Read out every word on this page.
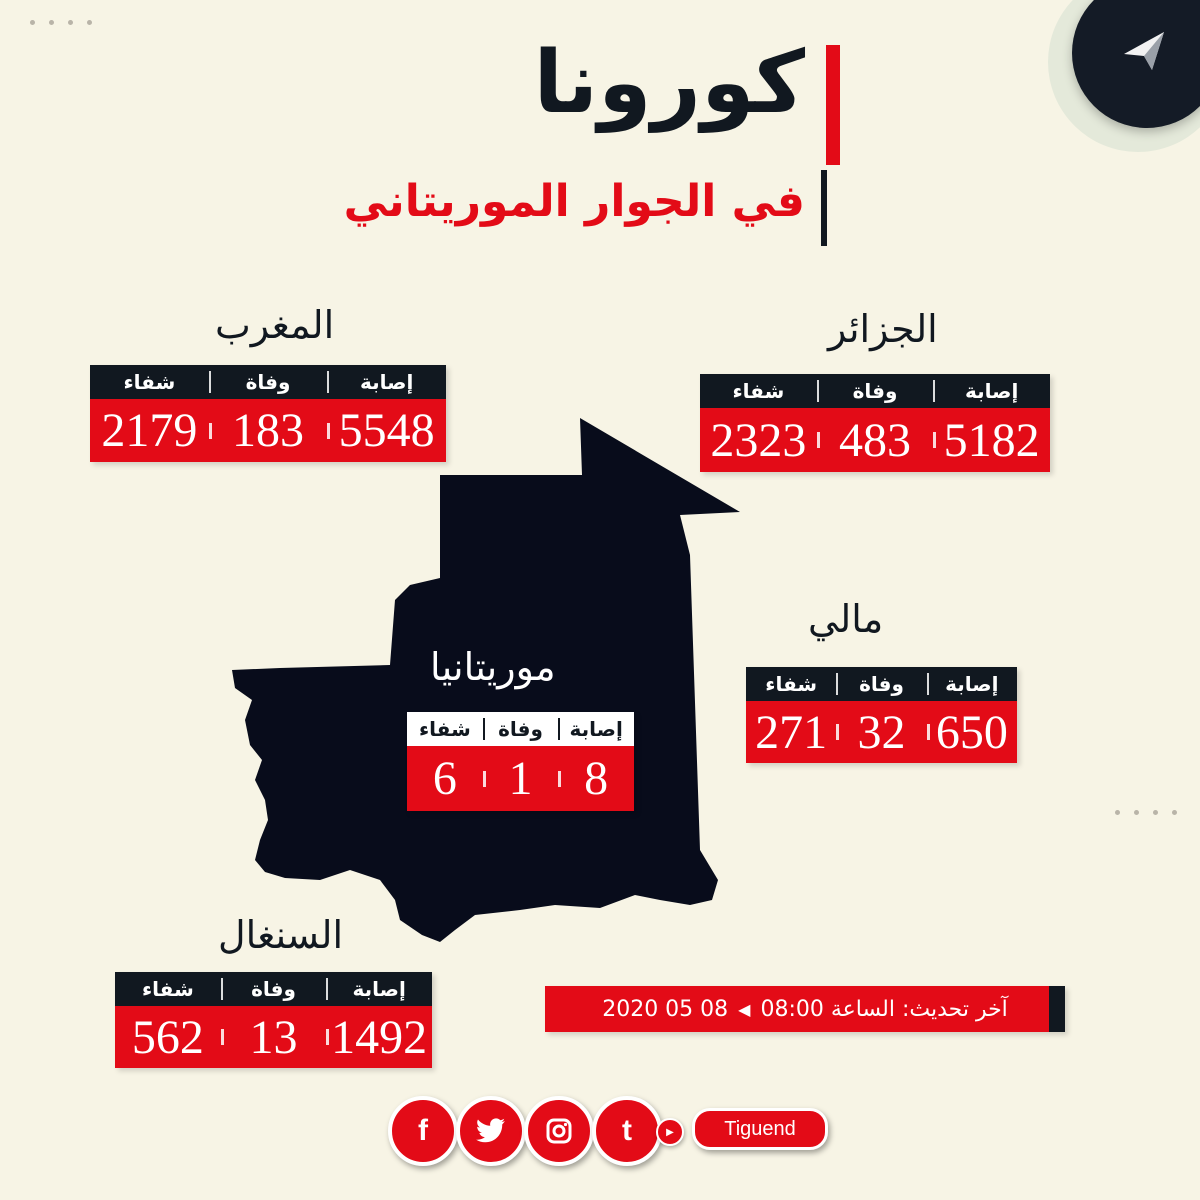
كورونا
في الجوار الموريتاني
المغرب
شفاء	وفاة	إصابة
2179 183 5548
الجزائر
شفاء	وفاة	إصابة
2323 483 5182
مالي
شفاء	وفاة	إصابة
271 32 650
موريتانيا
شفاء	وفاة	إصابة
6	1	8
السنغال
شفاء	وفاة	إصابة
562 13 1492
آخر تحديث: الساعة 08:00
◀
2020 05 08
f	t	▶	Tiguend
